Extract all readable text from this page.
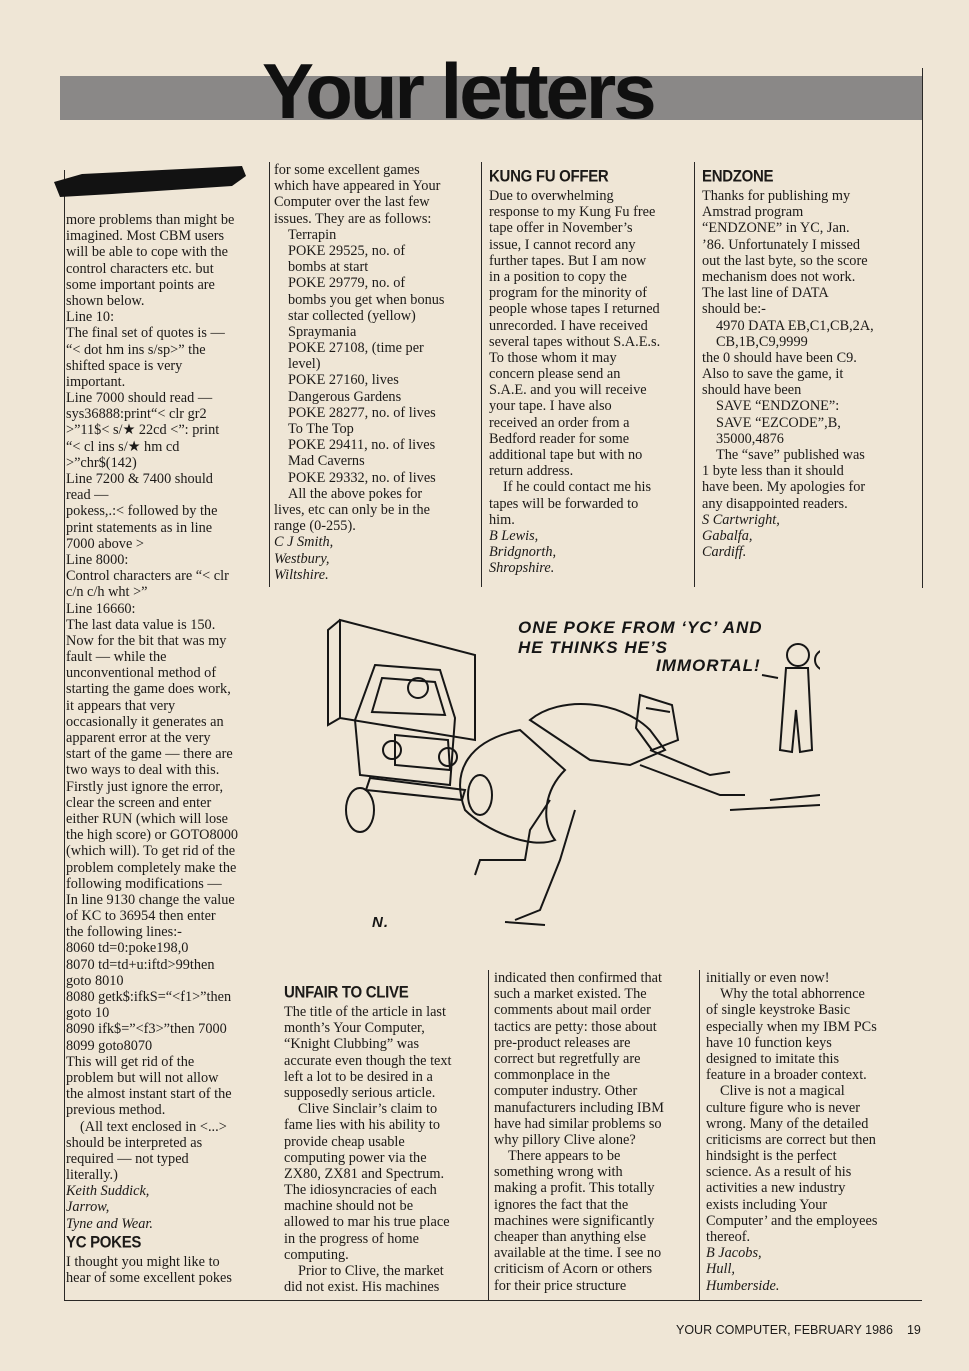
Your letters
more problems than might be
imagined. Most CBM users
will be able to cope with the
control characters etc. but
some important points are
shown below.
Line 10:
The final set of quotes is —
“< dot hm ins s/sp>” the
shifted space is very
important.
Line 7000 should read —
sys36888:print“< clr gr2
>”11$< s/★ 22cd <”: print
“< cl ins s/★ hm cd
>”chr$(142)
Line 7200 & 7400 should
read —
pokess,.:< followed by the
print statements as in line
7000 above >
Line 8000:
Control characters are “< clr
c/n c/h wht >”
Line 16660:
The last data value is 150.
Now for the bit that was my
fault — while the
unconventional method of
starting the game does work,
it appears that very
occasionally it generates an
apparent error at the very
start of the game — there are
two ways to deal with this.
Firstly just ignore the error,
clear the screen and enter
either RUN (which will lose
the high score) or GOTO8000
(which will). To get rid of the
problem completely make the
following modifications —
In line 9130 change the value
of KC to 36954 then enter
the following lines:-
8060 td=0:poke198,0
8070 td=td+u:iftd>99then
goto 8010
8080 getk$:ifkS=“<f1>”then
goto 10
8090 ifk$=”<f3>”then 7000
8099 goto8070
This will get rid of the
problem but will not allow
the almost instant start of the
previous method.
(All text enclosed in <...>
should be interpreted as
required — not typed
literally.)
Keith Suddick,
Jarrow,
Tyne and Wear.
YC POKES
I thought you might like to
hear of some excellent pokes
for some excellent games
which have appeared in Your
Computer over the last few
issues. They are as follows:
Terrapin
POKE 29525, no. of
bombs at start
POKE 29779, no. of
bombs you get when bonus
star collected (yellow)
Spraymania
POKE 27108, (time per
level)
POKE 27160, lives
Dangerous Gardens
POKE 28277, no. of lives
To The Top
POKE 29411, no. of lives
Mad Caverns
POKE 29332, no. of lives
All the above pokes for
lives, etc can only be in the
range (0-255).
C J Smith,
Westbury,
Wiltshire.
KUNG FU OFFER
Due to overwhelming
response to my Kung Fu free
tape offer in November’s
issue, I cannot record any
further tapes. But I am now
in a position to copy the
program for the minority of
people whose tapes I returned
unrecorded. I have received
several tapes without S.A.E.s.
To those whom it may
concern please send an
S.A.E. and you will receive
your tape. I have also
received an order from a
Bedford reader for some
additional tape but with no
return address.
If he could contact me his
tapes will be forwarded to
him.
B Lewis,
Bridgnorth,
Shropshire.
ENDZONE
Thanks for publishing my
Amstrad program
“ENDZONE” in YC, Jan.
’86. Unfortunately I missed
out the last byte, so the score
mechanism does not work.
The last line of DATA
should be:-
4970 DATA EB,C1,CB,2A,
CB,1B,C9,9999
the 0 should have been C9.
Also to save the game, it
should have been
SAVE “ENDZONE”:
SAVE “EZCODE”,B,
35000,4876
The “save” published was
1 byte less than it should
have been. My apologies for
any disappointed readers.
S Cartwright,
Gabalfa,
Cardiff.
ONE POKE FROM ‘YC’ AND
HE THINKS HE’S
IMMORTAL!
N.
UNFAIR TO CLIVE
The title of the article in last
month’s Your Computer,
“Knight Clubbing” was
accurate even though the text
left a lot to be desired in a
supposedly serious article.
Clive Sinclair’s claim to
fame lies with his ability to
provide cheap usable
computing power via the
ZX80, ZX81 and Spectrum.
The idiosyncracies of each
machine should not be
allowed to mar his true place
in the progress of home
computing.
Prior to Clive, the market
did not exist. His machines
indicated then confirmed that
such a market existed. The
comments about mail order
tactics are petty: those about
pre-product releases are
correct but regretfully are
commonplace in the
computer industry. Other
manufacturers including IBM
have had similar problems so
why pillory Clive alone?
There appears to be
something wrong with
making a profit. This totally
ignores the fact that the
machines were significantly
cheaper than anything else
available at the time. I see no
criticism of Acorn or others
for their price structure
initially or even now!
Why the total abhorrence
of single keystroke Basic
especially when my IBM PCs
have 10 function keys
designed to imitate this
feature in a broader context.
Clive is not a magical
culture figure who is never
wrong. Many of the detailed
criticisms are correct but then
hindsight is the perfect
science. As a result of his
activities a new industry
exists including Your
Computer’ and the employees
thereof.
B Jacobs,
Hull,
Humberside.
YOUR COMPUTER, FEBRUARY 1986 19
